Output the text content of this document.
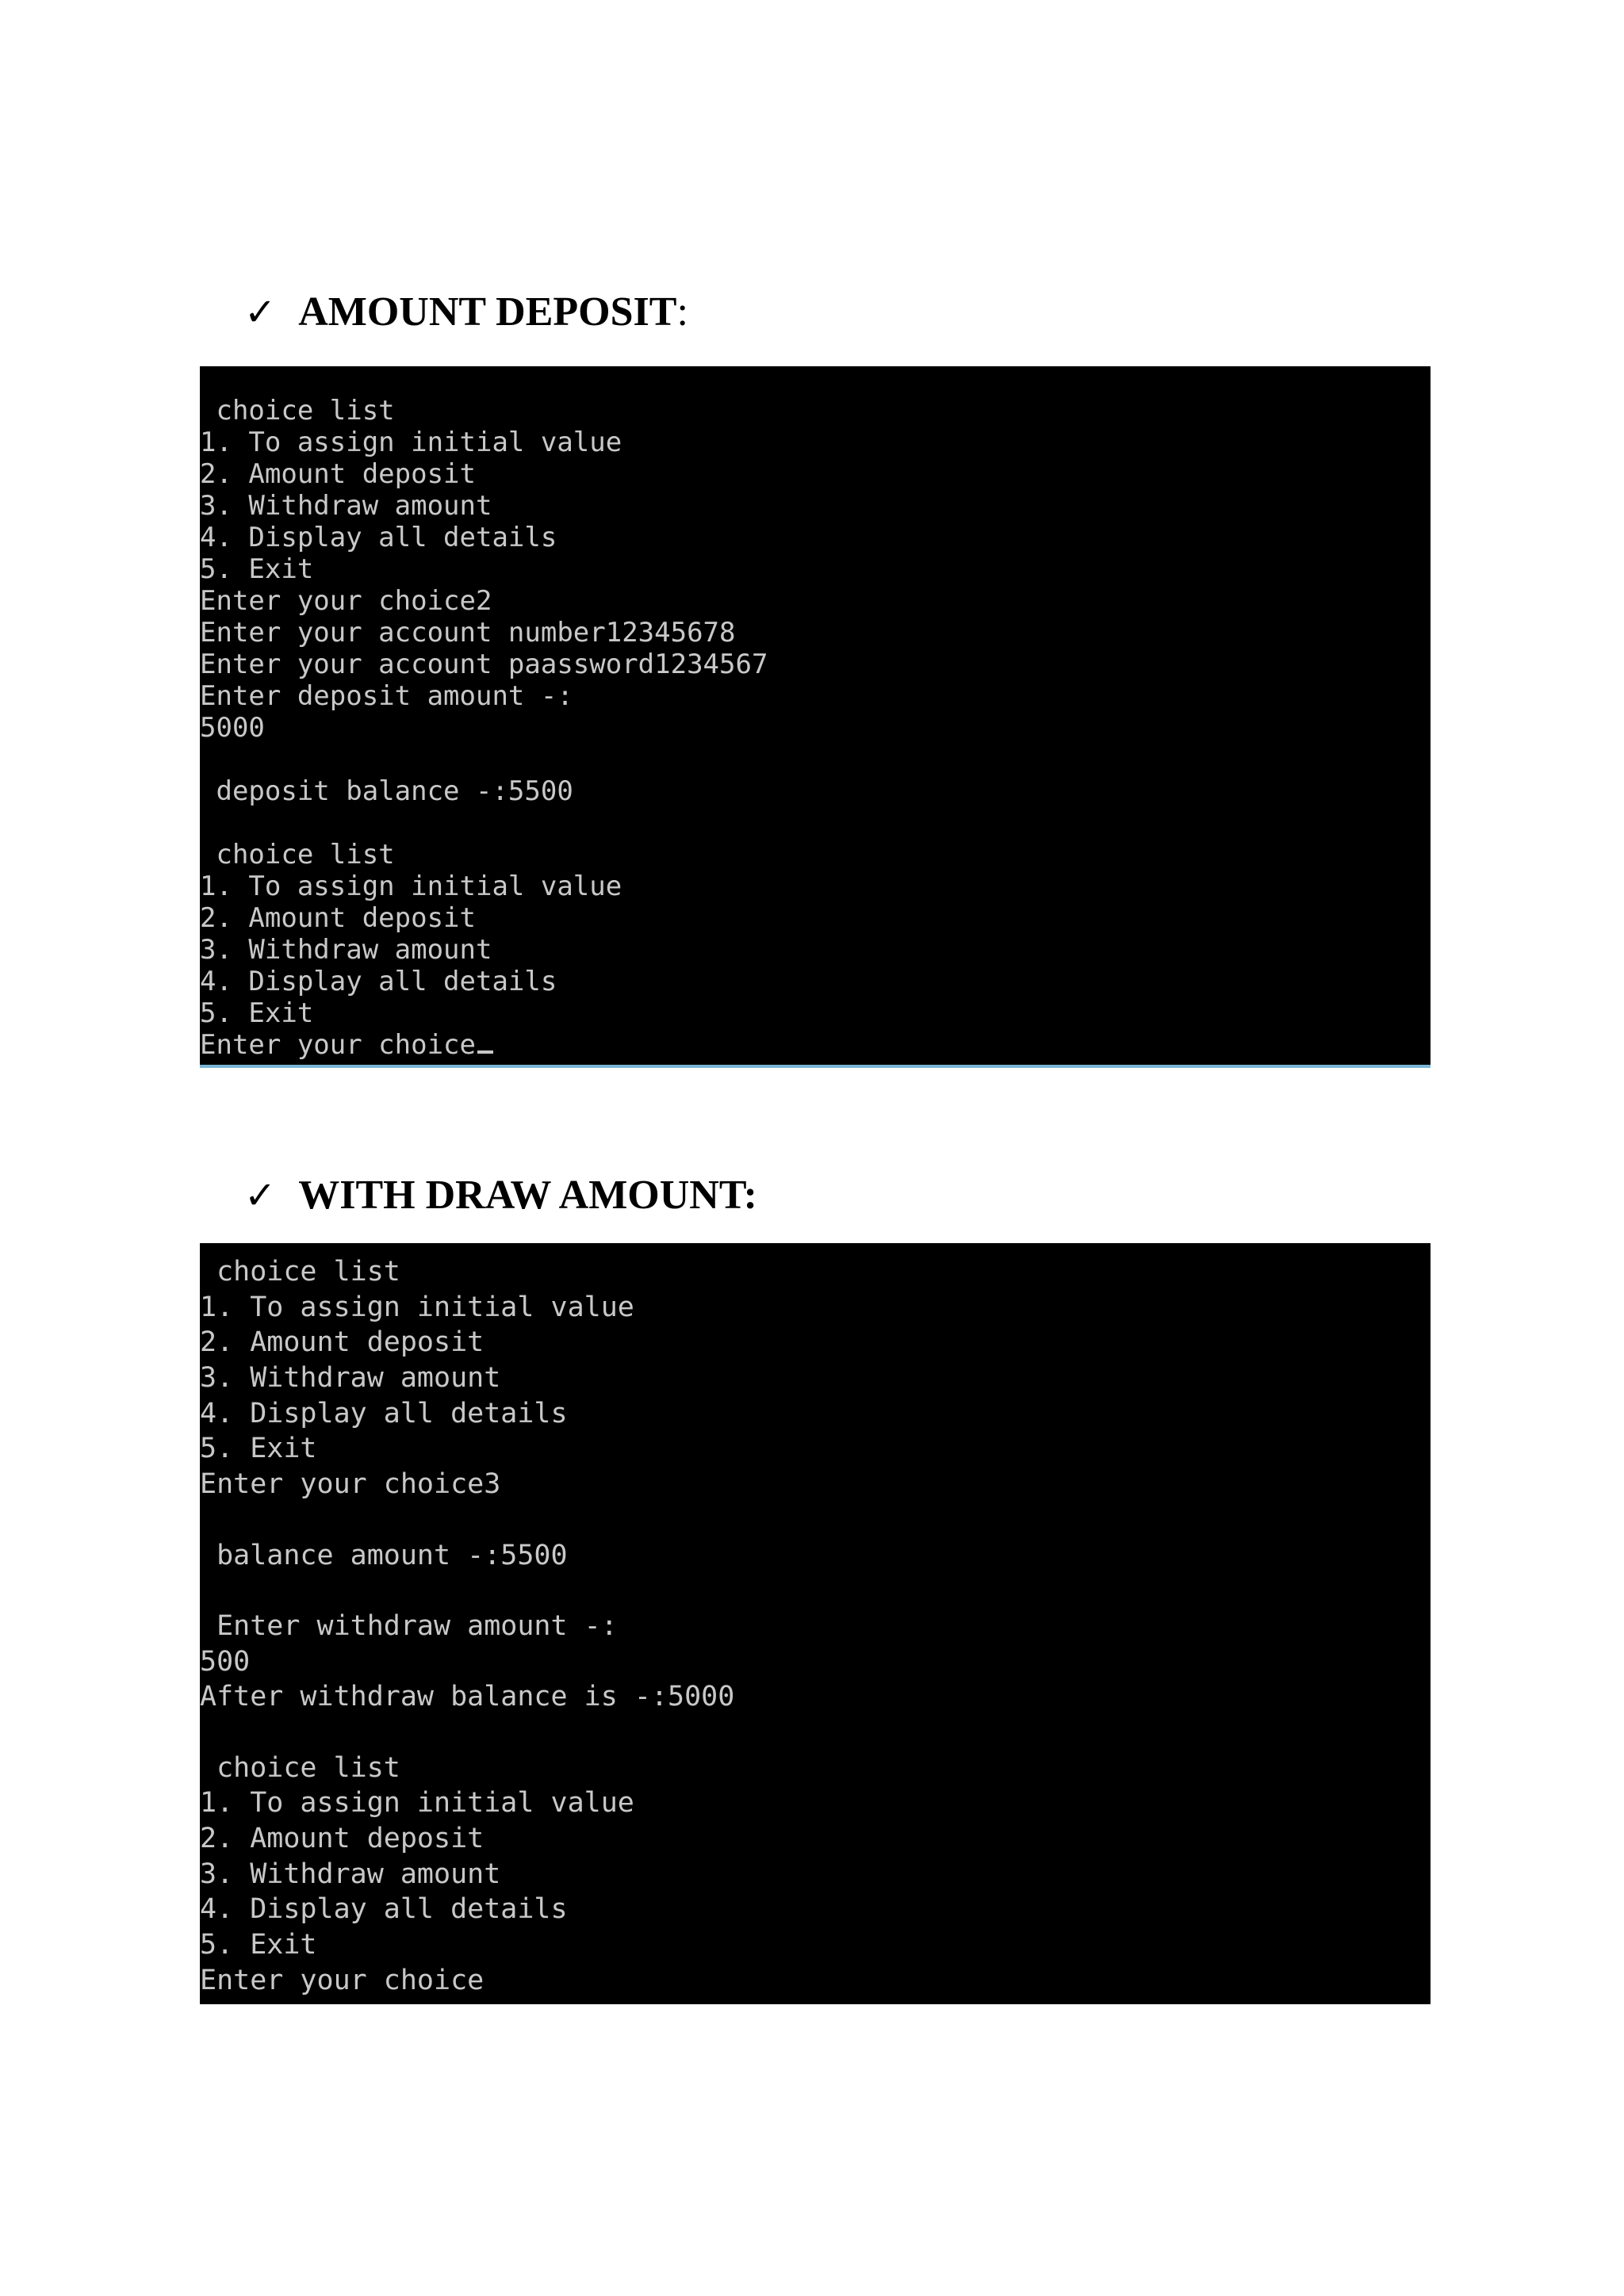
✓ AMOUNT DEPOSIT :
choice list
1. To assign initial value
2. Amount deposit
3. Withdraw amount
4. Display all details
5. Exit
Enter your choice2
Enter your account number12345678
Enter your account paassword1234567
Enter deposit amount -:
5000
deposit balance -:5500
choice list
1. To assign initial value
2. Amount deposit
3. Withdraw amount
4. Display all details
5. Exit
Enter your choice
✓ WITH DRAW AMOUNT:
choice list
1. To assign initial value
2. Amount deposit
3. Withdraw amount
4. Display all details
5. Exit
Enter your choice3
balance amount -:5500
Enter withdraw amount -:
500
After withdraw balance is -:5000
choice list
1. To assign initial value
2. Amount deposit
3. Withdraw amount
4. Display all details
5. Exit
Enter your choice
